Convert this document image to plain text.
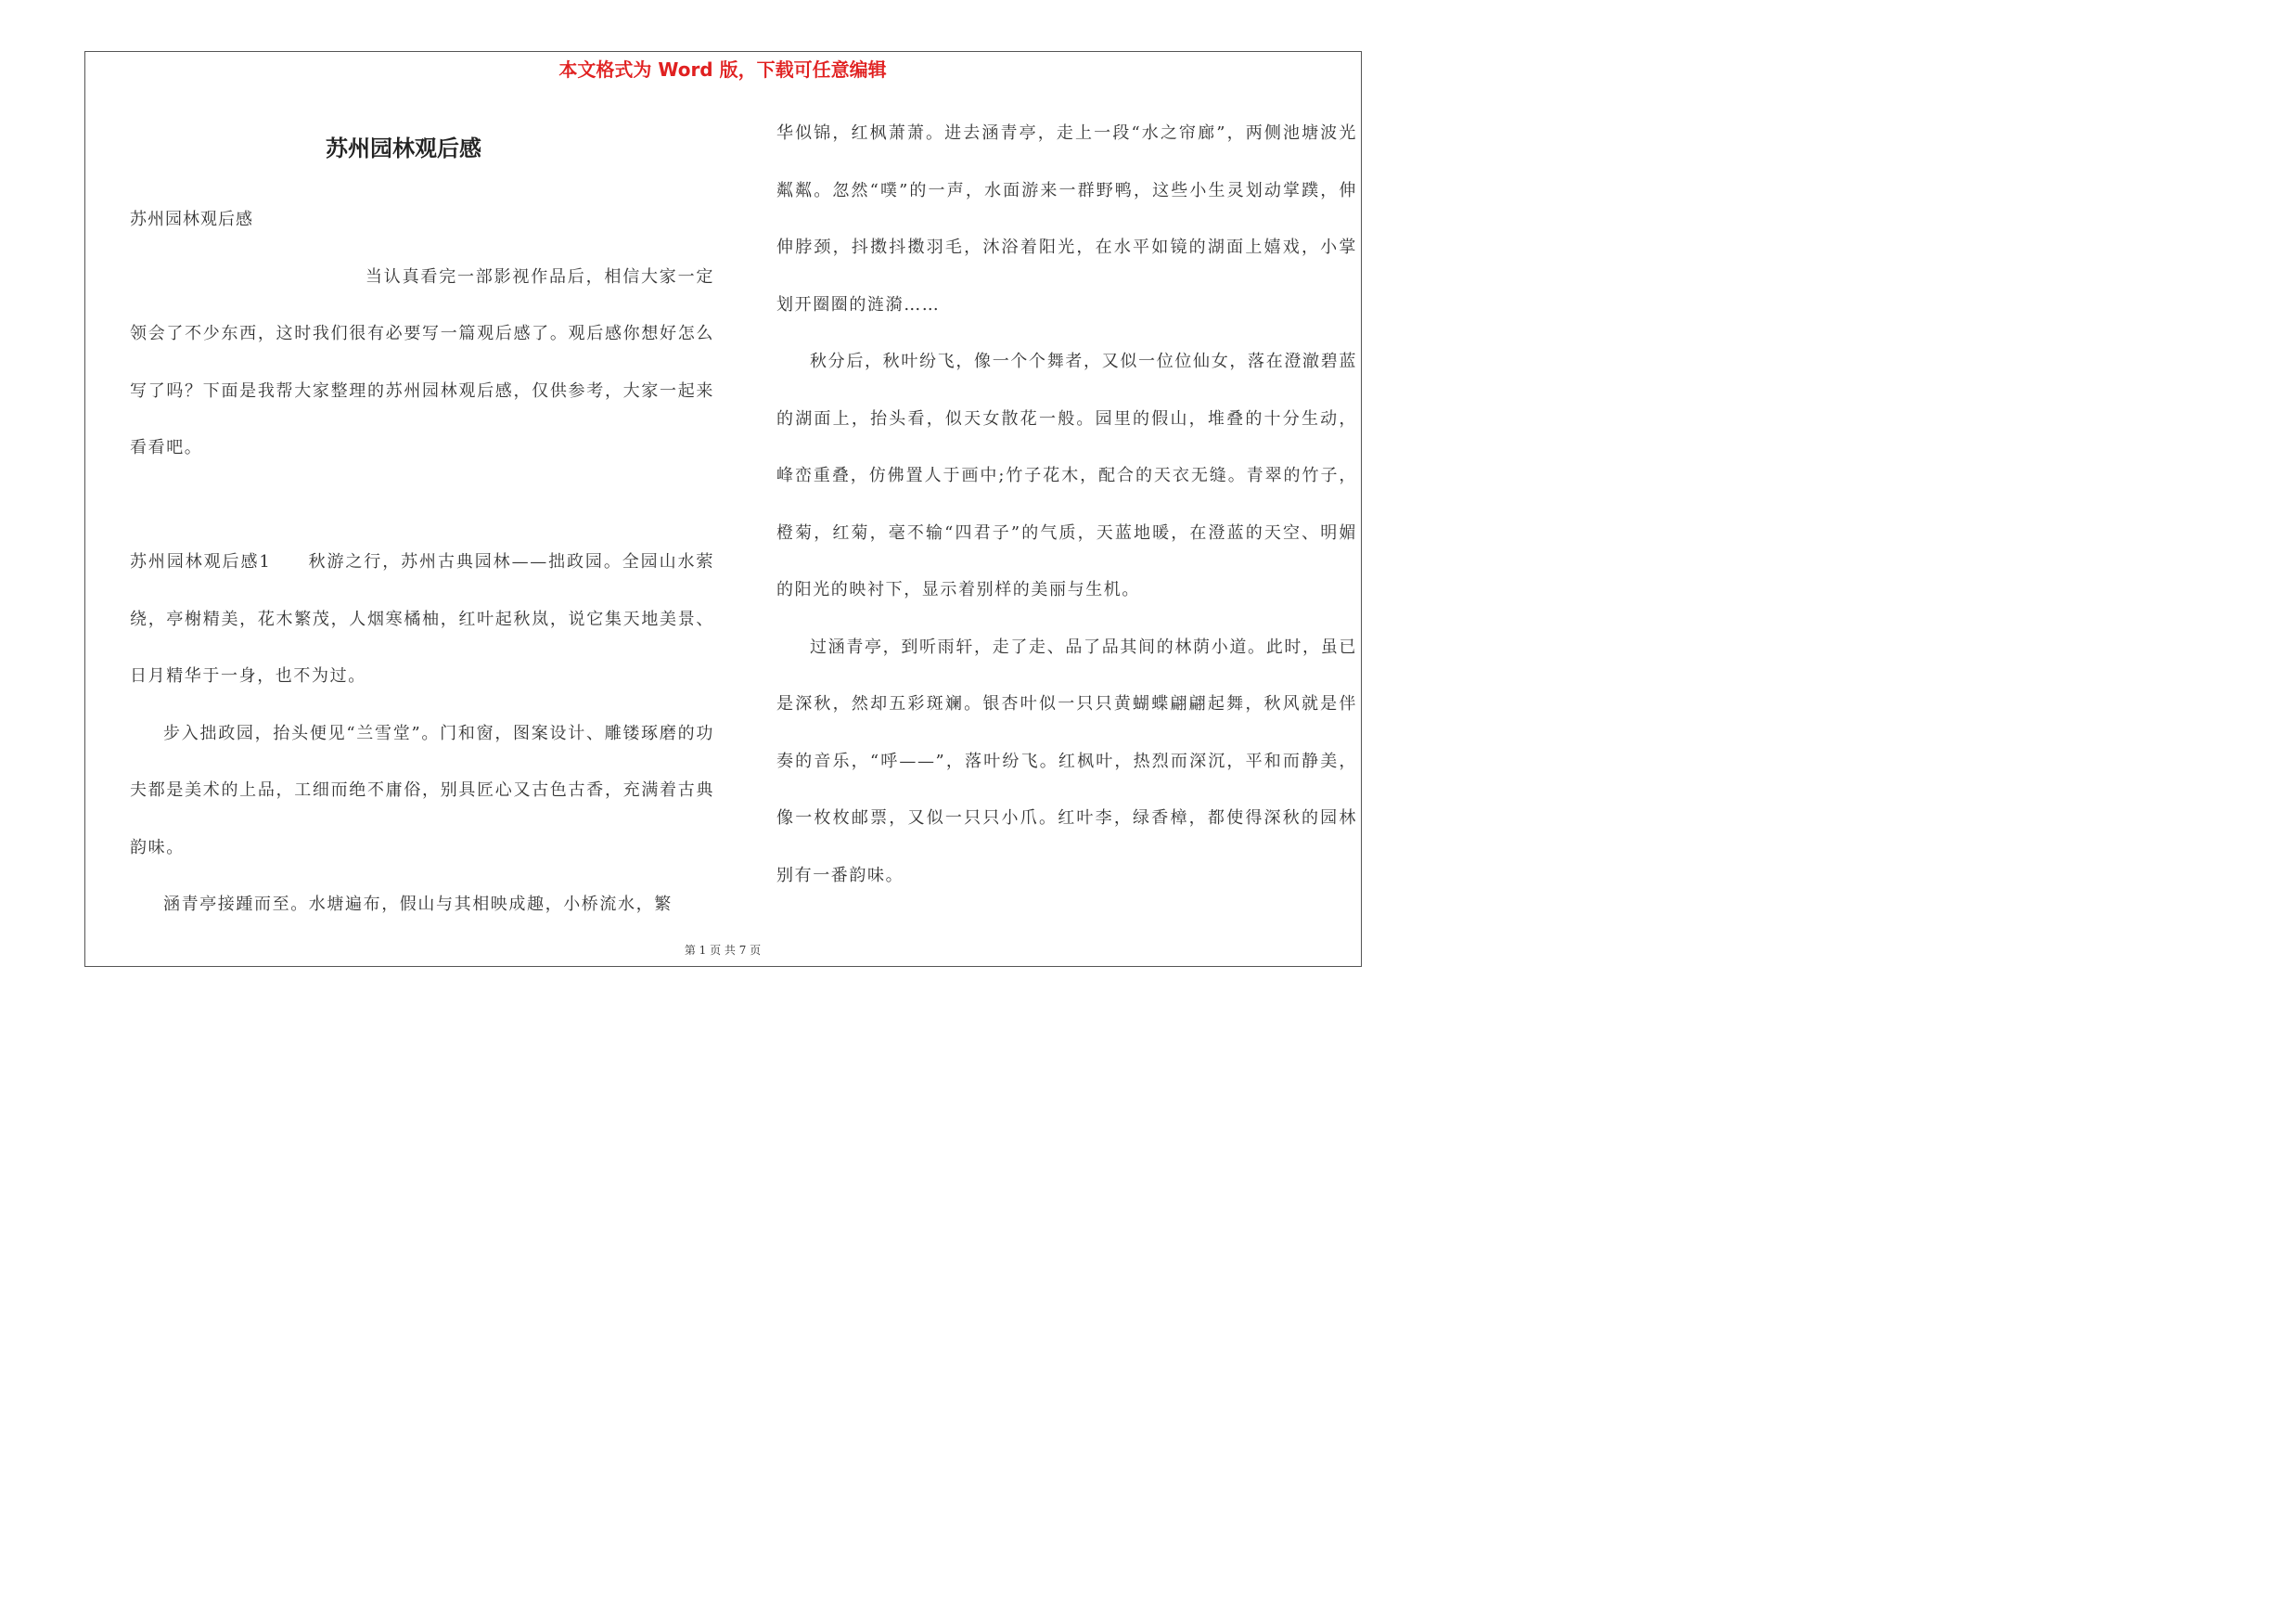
本文格式为 Word 版，下载可任意编辑
苏州园林观后感

苏州园林观后感

当认真看完一部影视作品后，相信大家一定领会了不少东西，这时我们很有必要写一篇观后感了。观后感你想好怎么写了吗？下面是我帮大家整理的苏州园林观后感，仅供参考，大家一起来看看吧。

苏州园林观后感1　　秋游之行，苏州古典园林——拙政园。全园山水萦绕，亭榭精美，花木繁茂，人烟寒橘柚，红叶起秋岚，说它集天地美景、日月精华于一身，也不为过。

步入拙政园，抬头便见“兰雪堂”。门和窗，图案设计、雕镂琢磨的功夫都是美术的上品，工细而绝不庸俗，别具匠心又古色古香，充满着古典韵味。

涵青亭接踵而至。水塘遍布，假山与其相映成趣，小桥流水，繁

华似锦，红枫萧萧。进去涵青亭，走上一段“水之帘廊”，两侧池塘波光粼粼。忽然“噗”的一声，水面游来一群野鸭，这些小生灵划动掌蹼，伸伸脖颈，抖擞抖擞羽毛，沐浴着阳光，在水平如镜的湖面上嬉戏，小掌划开圈圈的涟漪……

秋分后，秋叶纷飞，像一个个舞者，又似一位位仙女，落在澄澈碧蓝的湖面上，抬头看，似天女散花一般。园里的假山，堆叠的十分生动，峰峦重叠，仿佛置人于画中;竹子花木，配合的天衣无缝。青翠的竹子，橙菊，红菊，毫不输“四君子”的气质，天蓝地暖，在澄蓝的天空、明媚的阳光的映衬下，显示着别样的美丽与生机。

过涵青亭，到听雨轩，走了走、品了品其间的林荫小道。此时，虽已是深秋，然却五彩斑斓。银杏叶似一只只黄蝴蝶翩翩起舞，秋风就是伴奏的音乐，“呼——”，落叶纷飞。红枫叶，热烈而深沉，平和而静美，像一枚枚邮票，又似一只只小爪。红叶李，绿香樟，都使得深秋的园林别有一番韵味。

第 1 页 共 7 页
